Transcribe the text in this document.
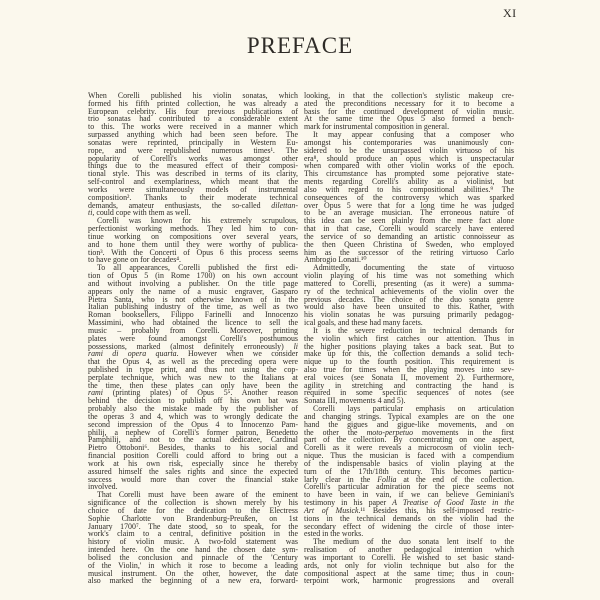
XI
PREFACE
When Corelli published his violin sonatas, which
formed his fifth printed collection, he was already a
European celebrity. His four previous publications of
trio sonatas had contributed to a considerable extent
to this. The works were received in a manner which
surpassed anything which had been seen before. The
sonatas were reprinted, principally in Western Eu-
rope, and were republished numerous times¹. The
popularity of Corelli's works was amongst other
things due to the measured effect of their composi-
tional style. This was described in terms of its clarity,
self-control and exemplariness, which meant that the
works were simultaneously models of instrumental
composition². Thanks to their moderate technical
demands, amateur enthusiasts, the so-called dilettan-
ti, could cope with them as well.
Corelli was known for his extremely scrupulous,
perfectionist working methods. They led him to con-
tinue working on compositions over several years,
and to hone them until they were worthy of publica-
tion³. With the Concerti of Opus 6 this process seems
to have gone on for decades⁴.
To all appearances, Corelli published the first edi-
tion of Opus 5 (in Rome 1700) on his own account
and without involving a publisher. On the title page
appears only the name of a music engraver, Gasparo
Pietra Santa, who is not otherwise known of in the
Italian publishing industry of the time, as well as two
Roman booksellers, Filippo Farinelli and Innocenzo
Massimini, who had obtained the licence to sell the
music – probably from Corelli. Moreover, printing
plates were found amongst Corelli's posthumous
possessions, marked (almost definitely erroneously) li
rami di opera quarta. However when we consider
that the Opus 4, as well as the preceding opera were
published in type print, and thus not using the cop-
perplate technique, which was new to the Italians at
the time, then these plates can only have been the
rami (printing plates) of Opus 5⁵. Another reason
behind the decision to publish off his own bat was
probably also the mistake made by the publisher of
the operas 3 and 4, which was to wrongly dedicate the
second impression of the Opus 4 to Innocenzo Pam-
philij, a nephew of Corelli's former patron, Benedetto
Pamphilij, and not to the actual dedicatee, Cardinal
Pietro Ottoboni⁶. Besides, thanks to his social and
financial position Corelli could afford to bring out a
work at his own risk, especially since he thereby
assured himself the sales rights and since the expected
success would more than cover the financial stake
involved.
That Corelli must have been aware of the eminent
significance of the collection is shown merely by his
choice of date for the dedication to the Electress
Sophie Charlotte von Brandenburg-Preußen, on 1st
January 1700⁷. The date stood, so to speak, for the
work's claim to a central, definitive position in the
history of violin music. A two-fold statement was
intended here. On the one hand the chosen date sym-
bolised the conclusion and pinnacle of the 'Century
of the Violin,' in which it rose to become a leading
musical instrument. On the other, however, the date
also marked the beginning of a new era, forward-
looking, in that the collection's stylistic makeup cre-
ated the preconditions necessary for it to become a
basis for the continued development of violin music.
At the same time the Opus 5 also formed a bench-
mark for instrumental composition in general.
It may appear confusing that a composer who
amongst his contemporaries was unanimously con-
sidered to be the unsurpassed violin virtuoso of his
era⁸, should produce an opus which is unspectacular
when compared with other violin works of the epoch.
This circumstance has prompted some pejorative state-
ments regarding Corelli's ability as a violinist, but
also with regard to his compositional abilities.⁹ The
consequences of the controversy which was sparked
over Opus 5 were that for a long time he was judged
to be an average musician. The erroneous nature of
this idea can be seen plainly from the mere fact alone
that in that case, Corelli would scarcely have entered
the service of so demanding an artistic connoisseur as
the then Queen Christina of Sweden, who employed
him as the successor of the retiring virtuoso Carlo
Ambrogio Lonati.¹⁰
Admittedly, documenting the state of virtuoso
violin playing of his time was not something which
mattered to Corelli, presenting (as it were) a summa-
ry of the technical achievements of the violin over the
previous decades. The choice of the duo sonata genre
would also have been unsuited to this. Rather, with
his violin sonatas he was pursuing primarily pedagog-
ical goals, and these had many facets.
It is the severe reduction in technical demands for
the violin which first catches our attention. Thus in
the higher positions playing takes a back seat. But to
make up for this, the collection demands a solid tech-
nique up to the fourth position. This requirement is
also true for times when the playing moves into sev-
eral voices (see Sonata II, movement 2). Furthermore,
agility in stretching and contracting the hand is
required in some specific sequences of notes (see
Sonata III, movements 4 and 5).
Corelli lays particular emphasis on articulation
and changing strings. Typical examples are on the one
hand the gigues and gigue-like movements, and on
the other the moto-perpetuo movements in the first
part of the collection. By concentrating on one aspect,
Corelli as it were reveals a microcosm of violin tech-
nique. Thus the musician is faced with a compendium
of the indispensable basics of violin playing at the
turn of the 17th/18th century. This becomes particu-
larly clear in the Follia at the end of the collection.
Corelli's particular admiration for the piece seems not
to have been in vain, if we can believe Geminiani's
testimony in his paper A Treatise of Good Taste in the
Art of Musick.¹¹ Besides this, his self-imposed restric-
tions in the technical demands on the violin had the
secondary effect of widening the circle of those inter-
ested in the works.
The medium of the duo sonata lent itself to the
realisation of another pedagogical intention which
was important to Corelli. He wished to set basic stand-
ards, not only for violin technique but also for the
compositional aspect at the same time; thus in coun-
terpoint work, harmonic progressions and overall
